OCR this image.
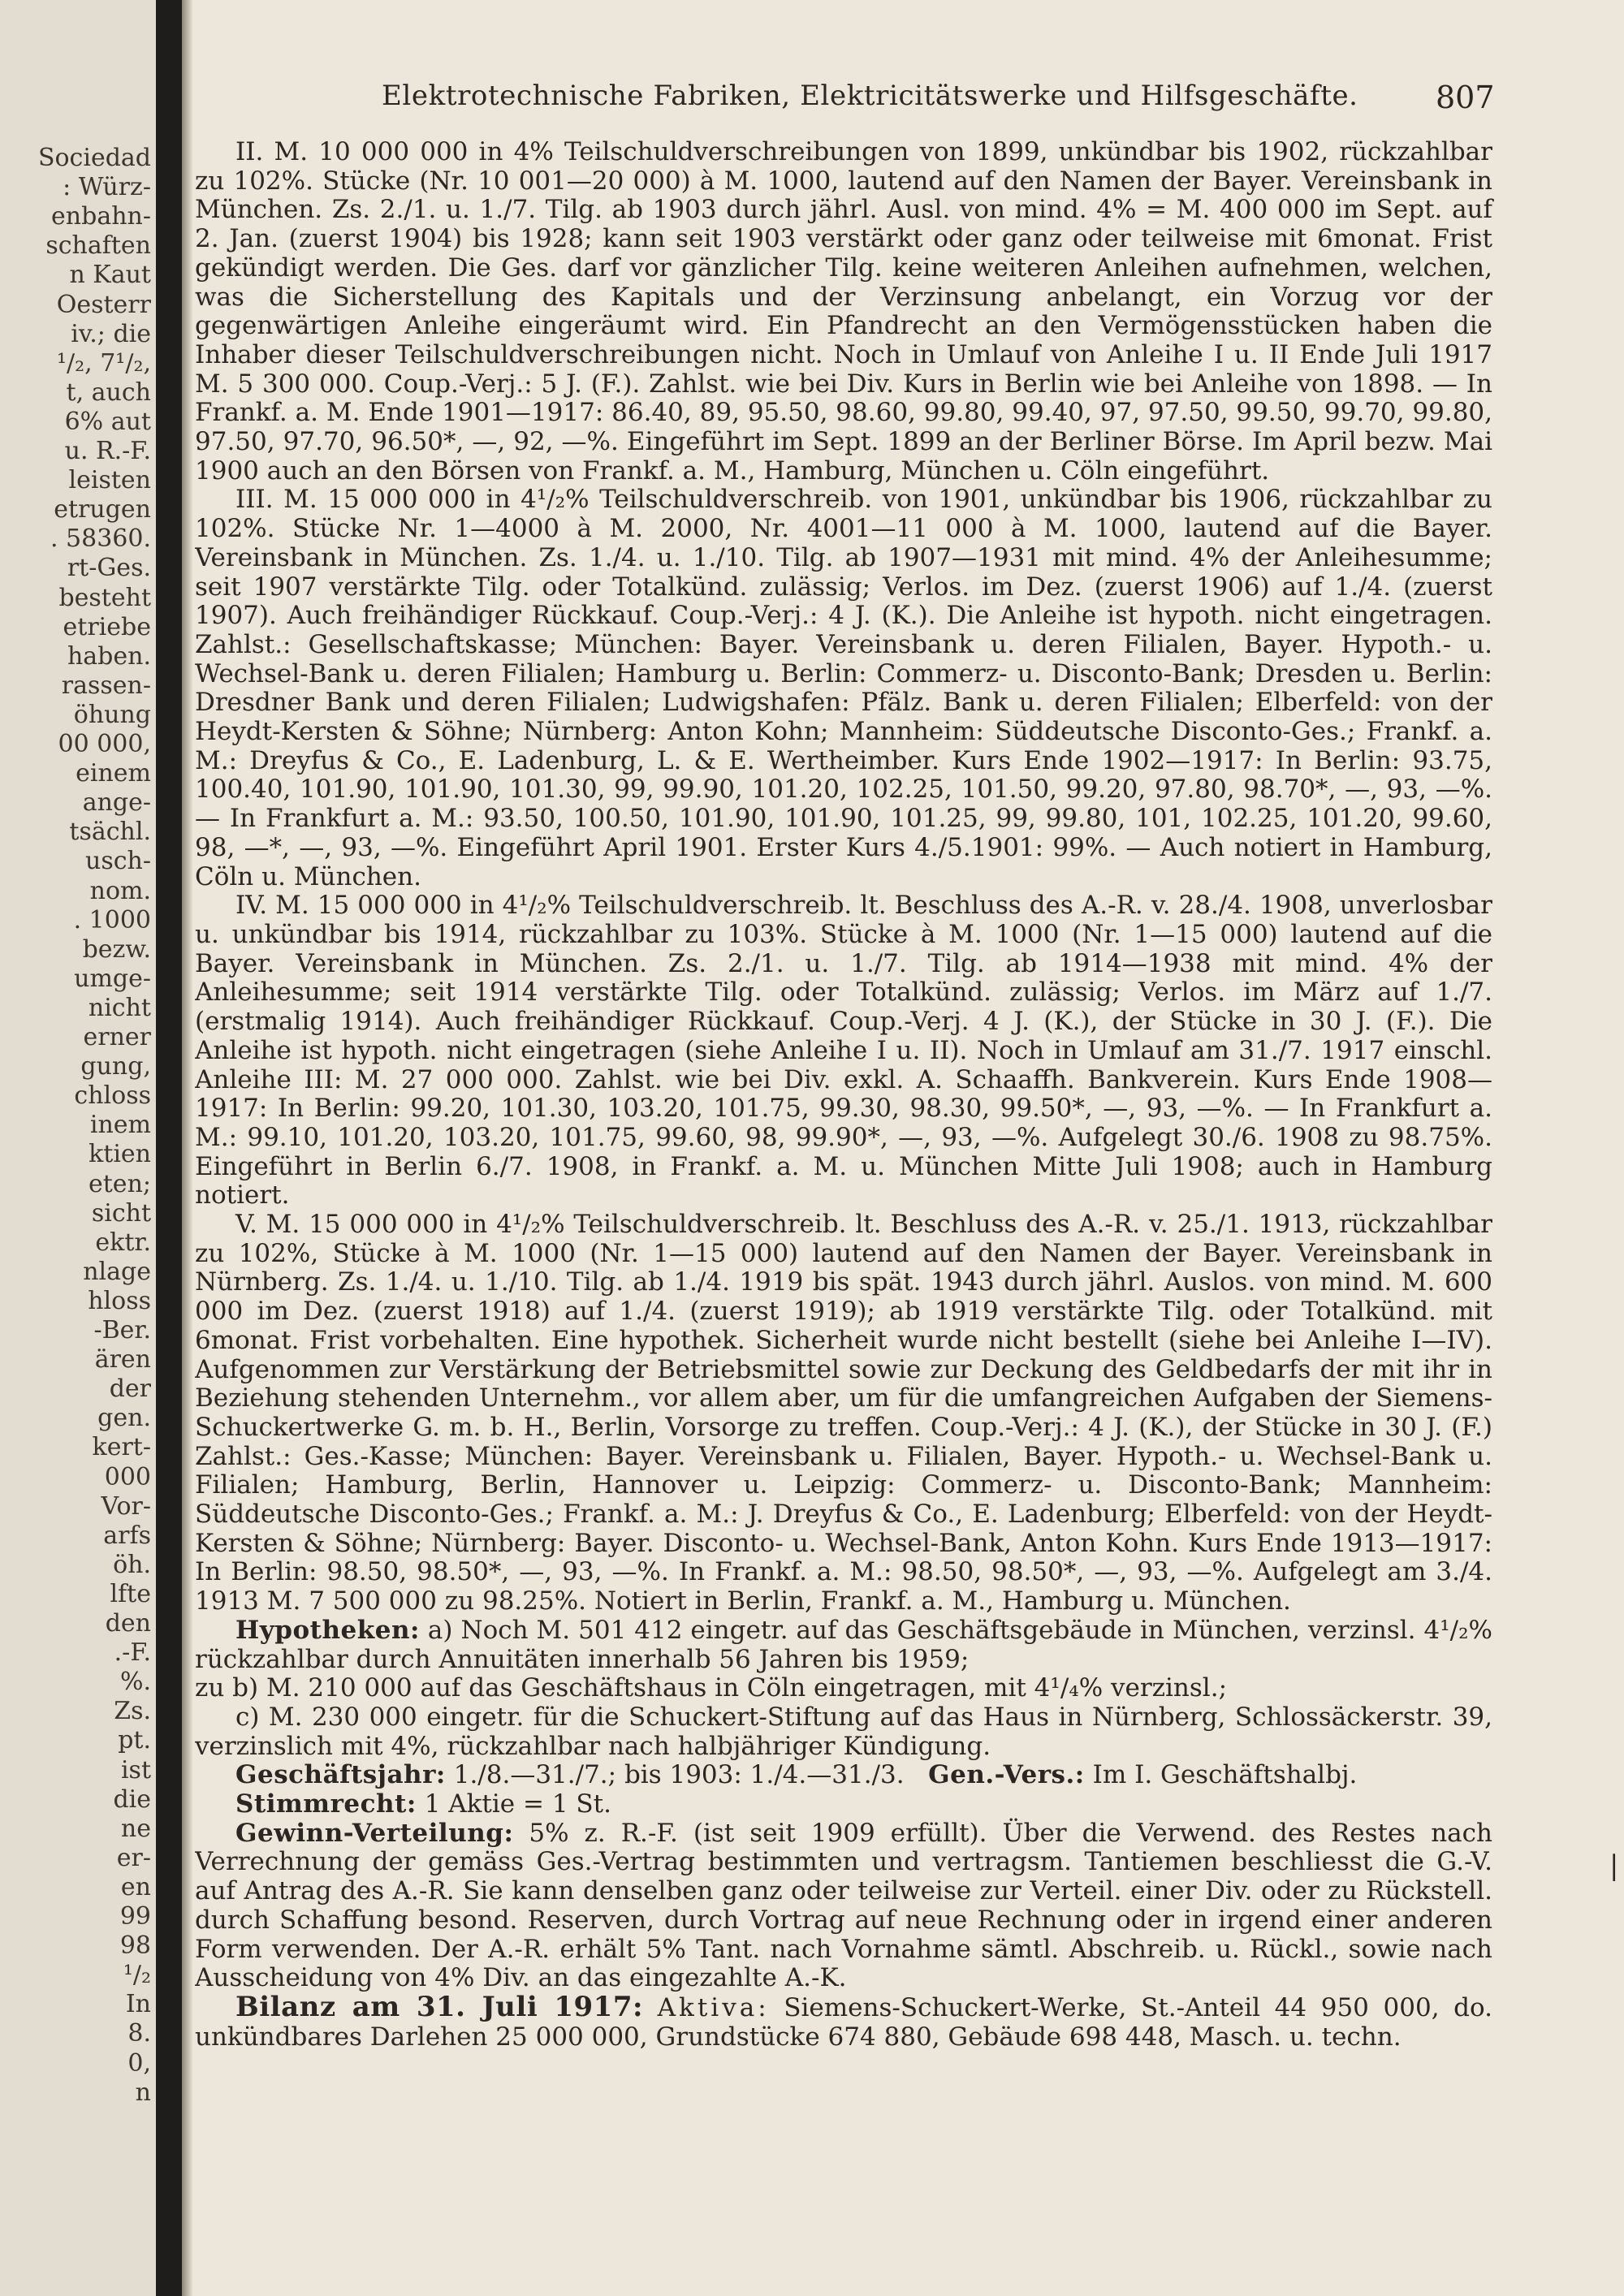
Sociedad
: Würz-
enbahn-
schaften
n Kaut
Oesterr
iv.; die
¹/₂, 7¹/₂,
t, auch
6% aut
u. R.-F.
leisten
etrugen
. 58360.
rt-Ges.
besteht
etriebe
haben.
rassen-
öhung
00 000,
einem
ange-
tsächl.
usch-
nom.
. 1000
bezw.
umge-
nicht
erner
gung,
chloss
inem
ktien
eten;
sicht
ektr.
nlage
hloss
-Ber.
ären
der
gen.
kert-
000
Vor-
arfs
öh.
lfte
den
.-F.
%.
Zs.
pt.
ist
die
ne
er-
en
99
98
¹/₂
In
8.
0,
n
Elektrotechnische Fabriken, Elektricitätswerke und Hilfsgeschäfte.	807

II. M. 10 000 000 in 4% Teilschuldverschreibungen von 1899, unkündbar bis 1902, rückzahlbar zu 102%. Stücke (Nr. 10 001—20 000) à M. 1000, lautend auf den Namen der Bayer. Vereinsbank in München. Zs. 2./1. u. 1./7. Tilg. ab 1903 durch jährl. Ausl. von mind. 4% = M. 400 000 im Sept. auf 2. Jan. (zuerst 1904) bis 1928; kann seit 1903 verstärkt oder ganz oder teilweise mit 6monat. Frist gekündigt werden. Die Ges. darf vor gänzlicher Tilg. keine weiteren Anleihen aufnehmen, welchen, was die Sicherstellung des Kapitals und der Verzinsung anbelangt, ein Vorzug vor der gegenwärtigen Anleihe eingeräumt wird. Ein Pfandrecht an den Vermögensstücken haben die Inhaber dieser Teilschuldverschreibungen nicht. Noch in Umlauf von Anleihe I u. II Ende Juli 1917 M. 5 300 000. Coup.-Verj.: 5 J. (F.). Zahlst. wie bei Div. Kurs in Berlin wie bei Anleihe von 1898. — In Frankf. a. M. Ende 1901—1917: 86.40, 89, 95.50, 98.60, 99.80, 99.40, 97, 97.50, 99.50, 99.70, 99.80, 97.50, 97.70, 96.50*, —, 92, —%. Eingeführt im Sept. 1899 an der Berliner Börse. Im April bezw. Mai 1900 auch an den Börsen von Frankf. a. M., Hamburg, München u. Cöln eingeführt.

III. M. 15 000 000 in 4¹/₂% Teilschuldverschreib. von 1901, unkündbar bis 1906, rückzahlbar zu 102%. Stücke Nr. 1—4000 à M. 2000, Nr. 4001—11 000 à M. 1000, lautend auf die Bayer. Vereinsbank in München. Zs. 1./4. u. 1./10. Tilg. ab 1907—1931 mit mind. 4% der Anleihesumme; seit 1907 verstärkte Tilg. oder Totalkünd. zulässig; Verlos. im Dez. (zuerst 1906) auf 1./4. (zuerst 1907). Auch freihändiger Rückkauf. Coup.-Verj.: 4 J. (K.). Die Anleihe ist hypoth. nicht eingetragen. Zahlst.: Gesellschaftskasse; München: Bayer. Vereinsbank u. deren Filialen, Bayer. Hypoth.- u. Wechsel-Bank u. deren Filialen; Hamburg u. Berlin: Commerz- u. Disconto-Bank; Dresden u. Berlin: Dresdner Bank und deren Filialen; Ludwigshafen: Pfälz. Bank u. deren Filialen; Elberfeld: von der Heydt-Kersten & Söhne; Nürnberg: Anton Kohn; Mannheim: Süddeutsche Disconto-Ges.; Frankf. a. M.: Dreyfus & Co., E. Ladenburg, L. & E. Wertheimber. Kurs Ende 1902—1917: In Berlin: 93.75, 100.40, 101.90, 101.90, 101.30, 99, 99.90, 101.20, 102.25, 101.50, 99.20, 97.80, 98.70*, —, 93, —%. — In Frankfurt a. M.: 93.50, 100.50, 101.90, 101.90, 101.25, 99, 99.80, 101, 102.25, 101.20, 99.60, 98, —*, —, 93, —%. Eingeführt April 1901. Erster Kurs 4./5.1901: 99%. — Auch notiert in Hamburg, Cöln u. München.

IV. M. 15 000 000 in 4¹/₂% Teilschuldverschreib. lt. Beschluss des A.-R. v. 28./4. 1908, unverlosbar u. unkündbar bis 1914, rückzahlbar zu 103%. Stücke à M. 1000 (Nr. 1—15 000) lautend auf die Bayer. Vereinsbank in München. Zs. 2./1. u. 1./7. Tilg. ab 1914—1938 mit mind. 4% der Anleihesumme; seit 1914 verstärkte Tilg. oder Totalkünd. zulässig; Verlos. im März auf 1./7. (erstmalig 1914). Auch freihändiger Rückkauf. Coup.-Verj. 4 J. (K.), der Stücke in 30 J. (F.). Die Anleihe ist hypoth. nicht eingetragen (siehe Anleihe I u. II). Noch in Umlauf am 31./7. 1917 einschl. Anleihe III: M. 27 000 000. Zahlst. wie bei Div. exkl. A. Schaaffh. Bankverein. Kurs Ende 1908—1917: In Berlin: 99.20, 101.30, 103.20, 101.75, 99.30, 98.30, 99.50*, —, 93, —%. — In Frankfurt a. M.: 99.10, 101.20, 103.20, 101.75, 99.60, 98, 99.90*, —, 93, —%. Aufgelegt 30./6. 1908 zu 98.75%. Eingeführt in Berlin 6./7. 1908, in Frankf. a. M. u. München Mitte Juli 1908; auch in Hamburg notiert.

V. M. 15 000 000 in 4¹/₂% Teilschuldverschreib. lt. Beschluss des A.-R. v. 25./1. 1913, rückzahlbar zu 102%, Stücke à M. 1000 (Nr. 1—15 000) lautend auf den Namen der Bayer. Vereinsbank in Nürnberg. Zs. 1./4. u. 1./10. Tilg. ab 1./4. 1919 bis spät. 1943 durch jährl. Auslos. von mind. M. 600 000 im Dez. (zuerst 1918) auf 1./4. (zuerst 1919); ab 1919 verstärkte Tilg. oder Totalkünd. mit 6monat. Frist vorbehalten. Eine hypothek. Sicherheit wurde nicht bestellt (siehe bei Anleihe I—IV). Aufgenommen zur Verstärkung der Betriebsmittel sowie zur Deckung des Geldbedarfs der mit ihr in Beziehung stehenden Unternehm., vor allem aber, um für die umfangreichen Aufgaben der Siemens-Schuckertwerke G. m. b. H., Berlin, Vorsorge zu treffen. Coup.-Verj.: 4 J. (K.), der Stücke in 30 J. (F.) Zahlst.: Ges.-Kasse; München: Bayer. Vereinsbank u. Filialen, Bayer. Hypoth.- u. Wechsel-Bank u. Filialen; Hamburg, Berlin, Hannover u. Leipzig: Commerz- u. Disconto-Bank; Mannheim: Süddeutsche Disconto-Ges.; Frankf. a. M.: J. Dreyfus & Co., E. Ladenburg; Elberfeld: von der Heydt-Kersten & Söhne; Nürnberg: Bayer. Disconto- u. Wechsel-Bank, Anton Kohn. Kurs Ende 1913—1917: In Berlin: 98.50, 98.50*, —, 93, —%. In Frankf. a. M.: 98.50, 98.50*, —, 93, —%. Aufgelegt am 3./4. 1913 M. 7 500 000 zu 98.25%. Notiert in Berlin, Frankf. a. M., Hamburg u. München.

Hypotheken: a) Noch M. 501 412 eingetr. auf das Geschäftsgebäude in München, verzinsl. 4¹/₂% rückzahlbar durch Annuitäten innerhalb 56 Jahren bis 1959;

zu b) M. 210 000 auf das Geschäftshaus in Cöln eingetragen, mit 4¹/₄% verzinsl.;

c) M. 230 000 eingetr. für die Schuckert-Stiftung auf das Haus in Nürnberg, Schlossäckerstr. 39, verzinslich mit 4%, rückzahlbar nach halbjähriger Kündigung.

Geschäftsjahr: 1./8.—31./7.; bis 1903: 1./4.—31./3. Gen.-Vers.: Im I. Geschäftshalbj.

Stimmrecht: 1 Aktie = 1 St.

Gewinn-Verteilung: 5% z. R.-F. (ist seit 1909 erfüllt). Über die Verwend. des Restes nach Verrechnung der gemäss Ges.-Vertrag bestimmten und vertragsm. Tantiemen beschliesst die G.-V. auf Antrag des A.-R. Sie kann denselben ganz oder teilweise zur Verteil. einer Div. oder zu Rückstell. durch Schaffung besond. Reserven, durch Vortrag auf neue Rechnung oder in irgend einer anderen Form verwenden. Der A.-R. erhält 5% Tant. nach Vornahme sämtl. Abschreib. u. Rückl., sowie nach Ausscheidung von 4% Div. an das eingezahlte A.-K.

Bilanz am 31. Juli 1917: Aktiva: Siemens-Schuckert-Werke, St.-Anteil 44 950 000, do. unkündbares Darlehen 25 000 000, Grundstücke 674 880, Gebäude 698 448, Masch. u. techn.

|
